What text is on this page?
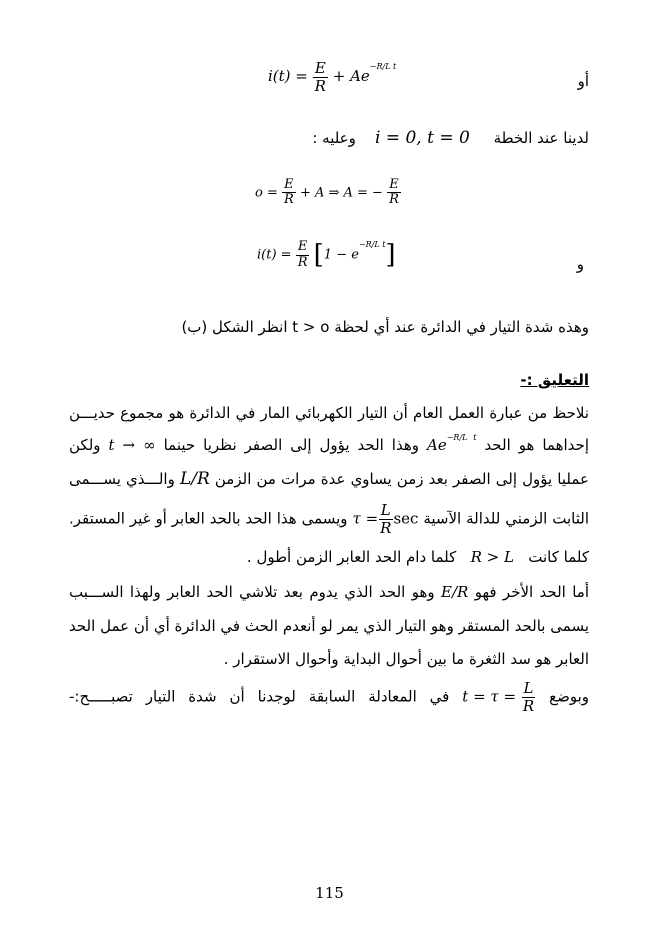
$i(t) = \frac{E}{R} + Ae^{-R/L t}$
أو
لدينا عند الخطة     i = 0, t = 0    وعليه :
$o = \frac{E}{R} + A$ ⇒ A = − $\frac{E}{R}$
$i(t) = \frac{E}{R} [1 - e^{-R/L t}]$	و
وهذه شدة التيار في الدائرة عند أي لحظة t > o انظر الشكل (ب)
التعليق :-
نلاحظ من عبارة العمل العام أن التيار الكهربائي المار في الدائرة هو مجموع حديـــن
إحداهما هو الحد $Ae^{-R/L t}$ وهذا الحد يؤول إلى الصفر نظريا حينما t → ∞ ولكن
عمليا يؤول إلى الصفر بعد زمن يساوي عدة مرات من الزمن L/R والـــذي يســـمى
الثابت الزمني للدالة الآسية $\tau = \frac{L}{R}$ sec ويسمى هذا الحد بالحد العابر أو غير المستقر.
كلما كانت   R > L   كلما دام الحد العابر الزمن أطول .
أما الحد الأخر فهو E/R وهو الحد الذي يدوم بعد تلاشي الحد العابر ولهذا الســـبب
يسمى بالحد المستقر وهو التيار الذي يمر لو أنعدم الحث في الدائرة أي أن عمل الحد
العابر هو سد الثغرة ما بين أحوال البداية وأحوال الاستقرار .
وبوضع $t = \tau = \frac{L}{R}$
في المعادلة السابقة لوجدنا أن شدة التيار تصبـــــح:-
115
